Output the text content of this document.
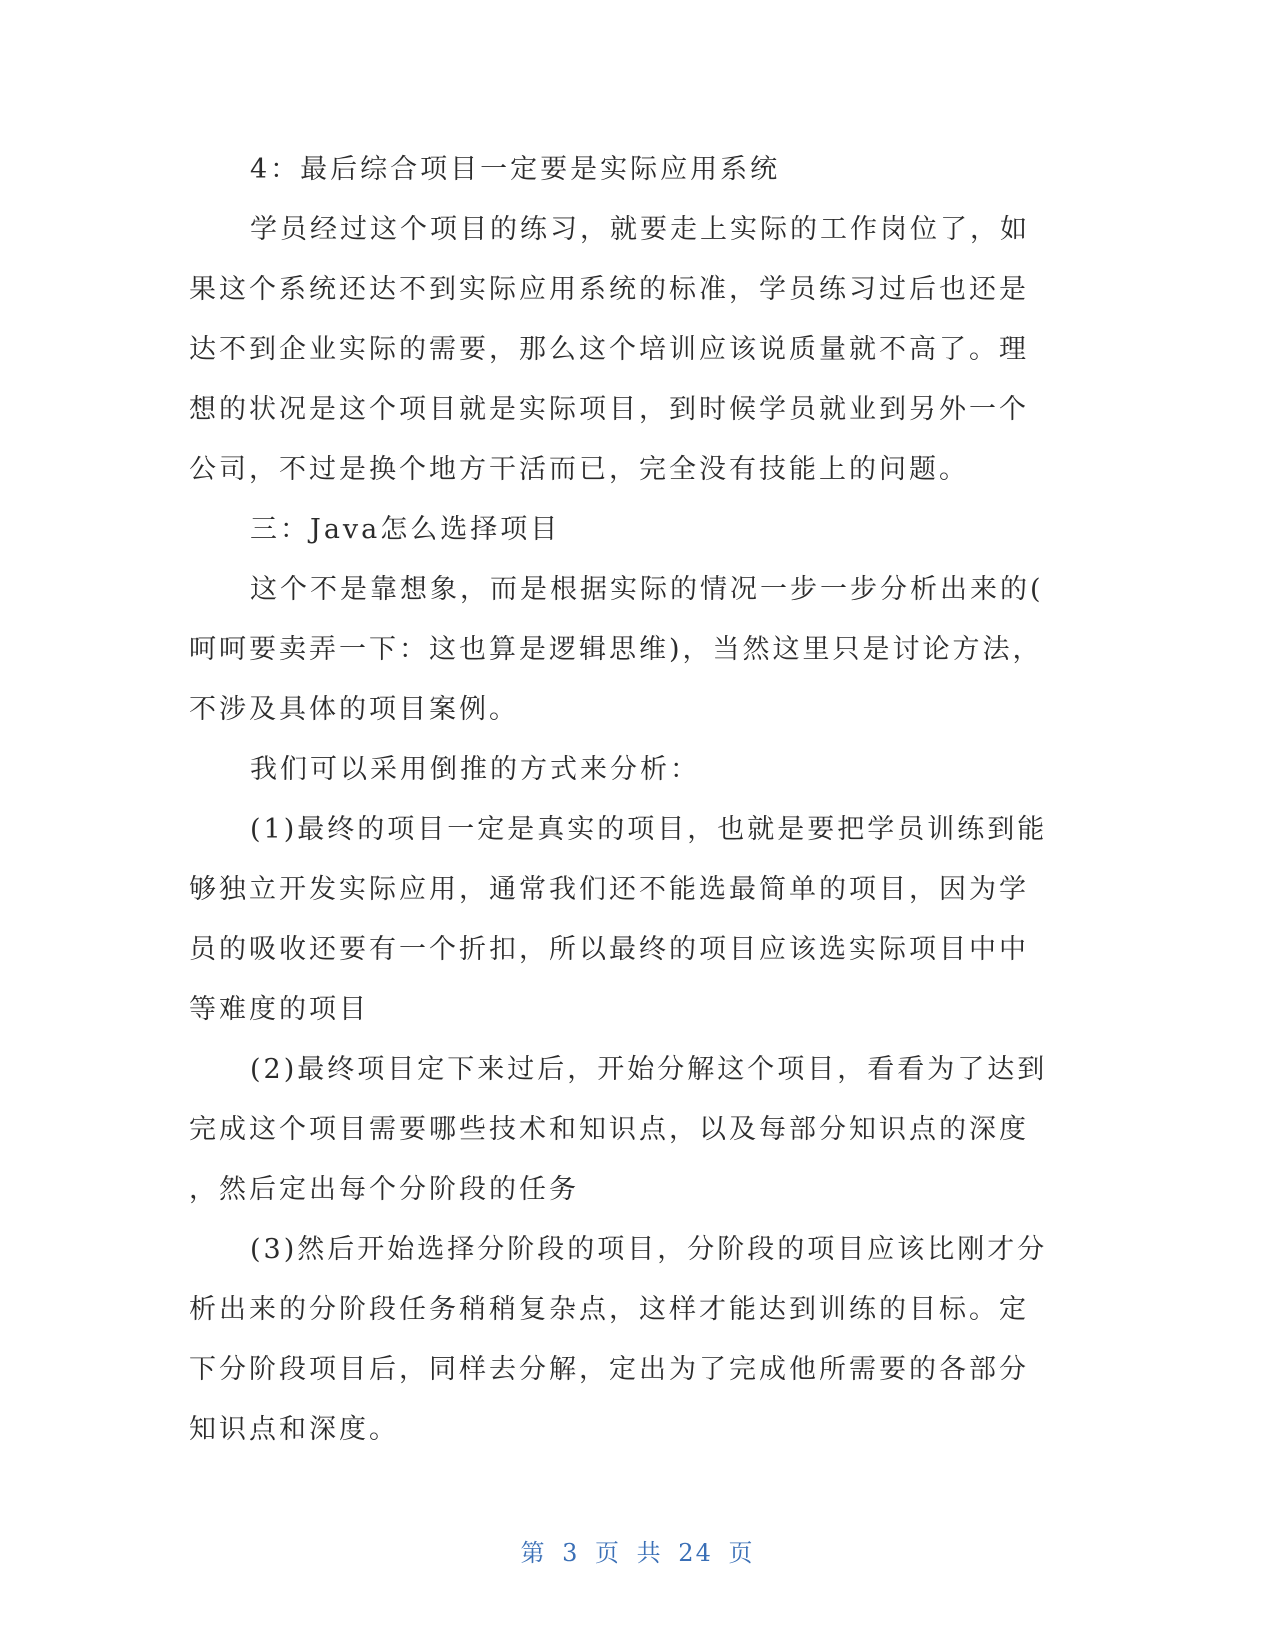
4：最后综合项目一定要是实际应用系统
学员经过这个项目的练习，就要走上实际的工作岗位了，如
果这个系统还达不到实际应用系统的标准，学员练习过后也还是
达不到企业实际的需要，那么这个培训应该说质量就不高了。理
想的状况是这个项目就是实际项目，到时候学员就业到另外一个
公司，不过是换个地方干活而已，完全没有技能上的问题。
三：Java怎么选择项目
这个不是靠想象，而是根据实际的情况一步一步分析出来的(
呵呵要卖弄一下：这也算是逻辑思维)，当然这里只是讨论方法，
不涉及具体的项目案例。
我们可以采用倒推的方式来分析：
(1)最终的项目一定是真实的项目，也就是要把学员训练到能
够独立开发实际应用，通常我们还不能选最简单的项目，因为学
员的吸收还要有一个折扣，所以最终的项目应该选实际项目中中
等难度的项目
(2)最终项目定下来过后，开始分解这个项目，看看为了达到
完成这个项目需要哪些技术和知识点，以及每部分知识点的深度
，然后定出每个分阶段的任务
(3)然后开始选择分阶段的项目，分阶段的项目应该比刚才分
析出来的分阶段任务稍稍复杂点，这样才能达到训练的目标。定
下分阶段项目后，同样去分解，定出为了完成他所需要的各部分
知识点和深度。
第 3 页 共 24 页
